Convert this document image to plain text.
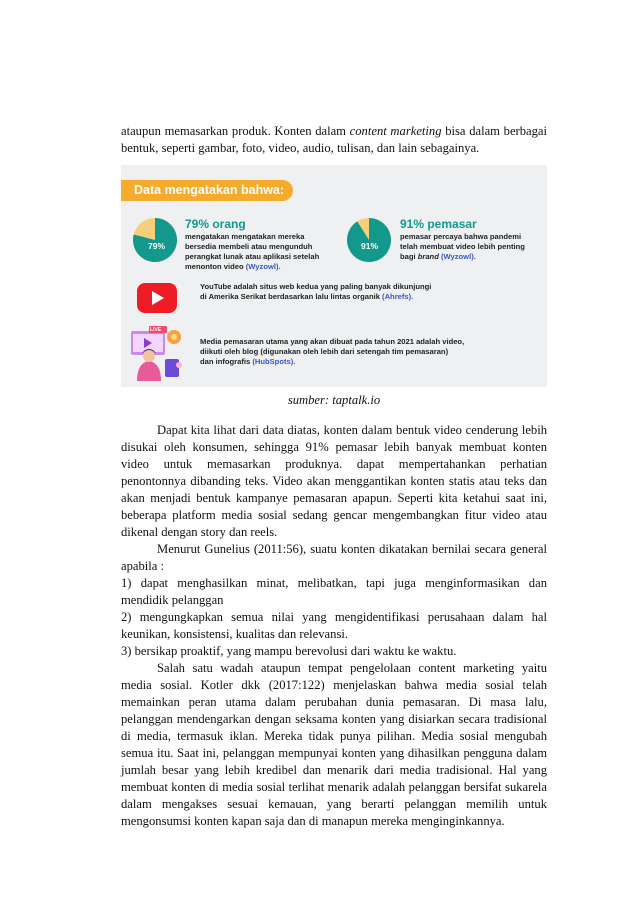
ataupun memasarkan produk. Konten dalam content marketing bisa dalam berbagai
bentuk, seperti gambar, foto, video, audio, tulisan, dan lain sebagainya.
Data mengatakan bahwa:
79%
79% orang
mengatakan mengatakan mereka
bersedia membeli atau mengunduh
perangkat lunak atau aplikasi setelah
menonton video (Wyzowl).
91%
91% pemasar
pemasar percaya bahwa pandemi
telah membuat video lebih penting
bagi brand (Wyzowl).
YouTube adalah situs web kedua yang paling banyak dikunjungi
di Amerika Serikat berdasarkan lalu lintas organik (Ahrefs).
LIVE
Media pemasaran utama yang akan dibuat pada tahun 2021 adalah video,
diikuti oleh blog (digunakan oleh lebih dari setengah tim pemasaran)
dan infografis (HubSpots).
sumber: taptalk.io
Dapat kita lihat dari data diatas, konten dalam bentuk video cenderung lebih
disukai oleh konsumen, sehingga 91% pemasar lebih banyak membuat konten
video untuk memasarkan produknya. dapat mempertahankan perhatian
penontonnya dibanding teks. Video akan menggantikan konten statis atau teks dan
akan menjadi bentuk kampanye pemasaran apapun. Seperti kita ketahui saat ini,
beberapa platform media sosial sedang gencar mengembangkan fitur video atau
dikenal dengan story dan reels.
Menurut Gunelius (2011:56), suatu konten dikatakan bernilai secara general
apabila :
1) dapat menghasilkan minat, melibatkan, tapi juga menginformasikan dan
mendidik pelanggan
2) mengungkapkan semua nilai yang mengidentifikasi perusahaan dalam hal
keunikan, konsistensi, kualitas dan relevansi.
3) bersikap proaktif, yang mampu berevolusi dari waktu ke waktu.
Salah satu wadah ataupun tempat pengelolaan content marketing yaitu
media sosial. Kotler dkk (2017:122) menjelaskan bahwa media sosial telah
memainkan peran utama dalam perubahan dunia pemasaran. Di masa lalu,
pelanggan mendengarkan dengan seksama konten yang disiarkan secara tradisional
di media, termasuk iklan. Mereka tidak punya pilihan. Media sosial mengubah
semua itu. Saat ini, pelanggan mempunyai konten yang dihasilkan pengguna dalam
jumlah besar yang lebih kredibel dan menarik dari media tradisional. Hal yang
membuat konten di media sosial terlihat menarik adalah pelanggan bersifat sukarela
dalam mengakses sesuai kemauan, yang berarti pelanggan memilih untuk
mengonsumsi konten kapan saja dan di manapun mereka menginginkannya.
